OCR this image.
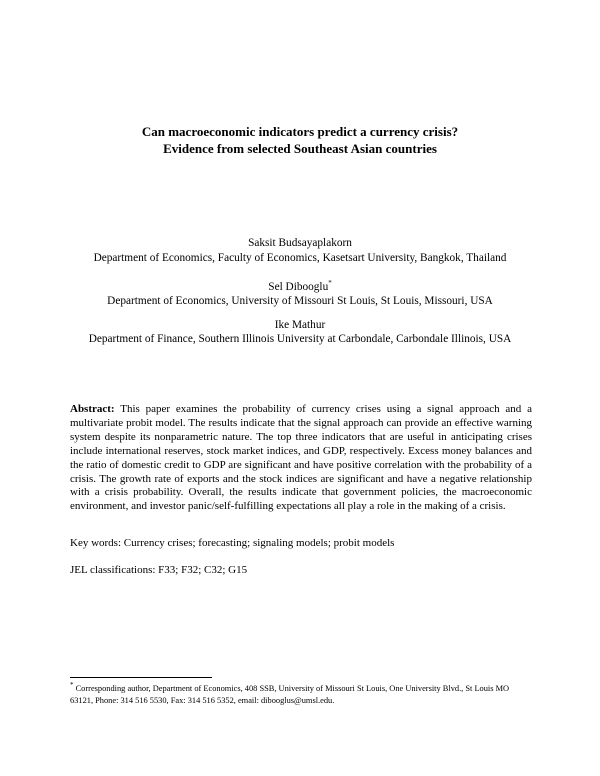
Can macroeconomic indicators predict a currency crisis?
Evidence from selected Southeast Asian countries
Saksit Budsayaplakorn
Department of Economics, Faculty of Economics, Kasetsart University, Bangkok, Thailand
Sel Dibooglu*
Department of Economics, University of Missouri St Louis, St Louis, Missouri, USA
Ike Mathur
Department of Finance, Southern Illinois University at Carbondale, Carbondale Illinois, USA
Abstract: This paper examines the probability of currency crises using a signal approach and a multivariate probit model. The results indicate that the signal approach can provide an effective warning system despite its nonparametric nature. The top three indicators that are useful in anticipating crises include international reserves, stock market indices, and GDP, respectively. Excess money balances and the ratio of domestic credit to GDP are significant and have positive correlation with the probability of a crisis. The growth rate of exports and the stock indices are significant and have a negative relationship with a crisis probability. Overall, the results indicate that government policies, the macroeconomic environment, and investor panic/self-fulfilling expectations all play a role in the making of a crisis.
Key words: Currency crises; forecasting; signaling models; probit models
JEL classifications: F33; F32; C32; G15
* Corresponding author, Department of Economics, 408 SSB, University of Missouri St Louis, One University Blvd., St Louis MO 63121, Phone: 314 516 5530, Fax: 314 516 5352, email: dibooglus@umsl.edu.
